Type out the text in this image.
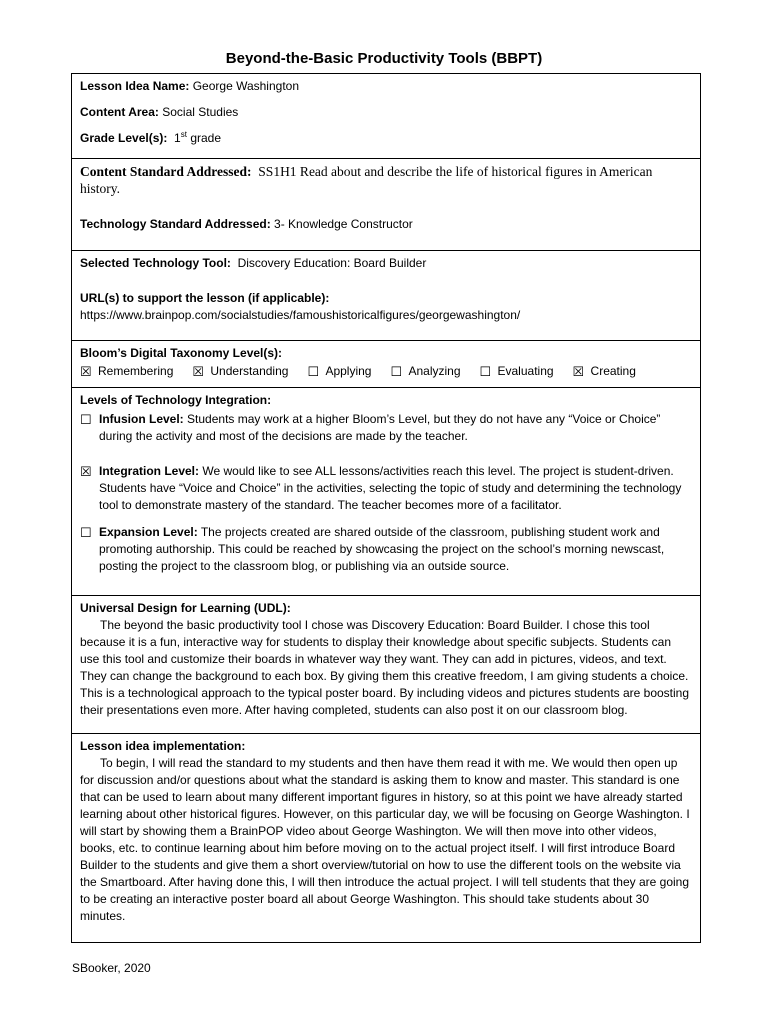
Beyond-the-Basic Productivity Tools (BBPT)
Lesson Idea Name: George Washington
Content Area: Social Studies
Grade Level(s): 1st grade
Content Standard Addressed: SS1H1 Read about and describe the life of historical figures in American history.
Technology Standard Addressed: 3- Knowledge Constructor
Selected Technology Tool: Discovery Education: Board Builder
URL(s) to support the lesson (if applicable):
https://www.brainpop.com/socialstudies/famoushistoricalfigures/georgewashington/
Bloom’s Digital Taxonomy Level(s):
☒ Remembering ☒ Understanding ☐ Applying ☐ Analyzing ☐ Evaluating ☒ Creating
Levels of Technology Integration:
☐ Infusion Level: Students may work at a higher Bloom’s Level, but they do not have any “Voice or Choice” during the activity and most of the decisions are made by the teacher.
☒ Integration Level: We would like to see ALL lessons/activities reach this level. The project is student-driven. Students have “Voice and Choice” in the activities, selecting the topic of study and determining the technology tool to demonstrate mastery of the standard. The teacher becomes more of a facilitator.
☐ Expansion Level: The projects created are shared outside of the classroom, publishing student work and promoting authorship. This could be reached by showcasing the project on the school’s morning newscast, posting the project to the classroom blog, or publishing via an outside source.
Universal Design for Learning (UDL):
The beyond the basic productivity tool I chose was Discovery Education: Board Builder. I chose this tool because it is a fun, interactive way for students to display their knowledge about specific subjects. Students can use this tool and customize their boards in whatever way they want. They can add in pictures, videos, and text. They can change the background to each box. By giving them this creative freedom, I am giving students a choice. This is a technological approach to the typical poster board. By including videos and pictures students are boosting their presentations even more. After having completed, students can also post it on our classroom blog.
Lesson idea implementation:
To begin, I will read the standard to my students and then have them read it with me. We would then open up for discussion and/or questions about what the standard is asking them to know and master. This standard is one that can be used to learn about many different important figures in history, so at this point we have already started learning about other historical figures. However, on this particular day, we will be focusing on George Washington. I will start by showing them a BrainPOP video about George Washington. We will then move into other videos, books, etc. to continue learning about him before moving on to the actual project itself. I will first introduce Board Builder to the students and give them a short overview/tutorial on how to use the different tools on the website via the Smartboard. After having done this, I will then introduce the actual project. I will tell students that they are going to be creating an interactive poster board all about George Washington. This should take students about 30 minutes.
SBooker, 2020
